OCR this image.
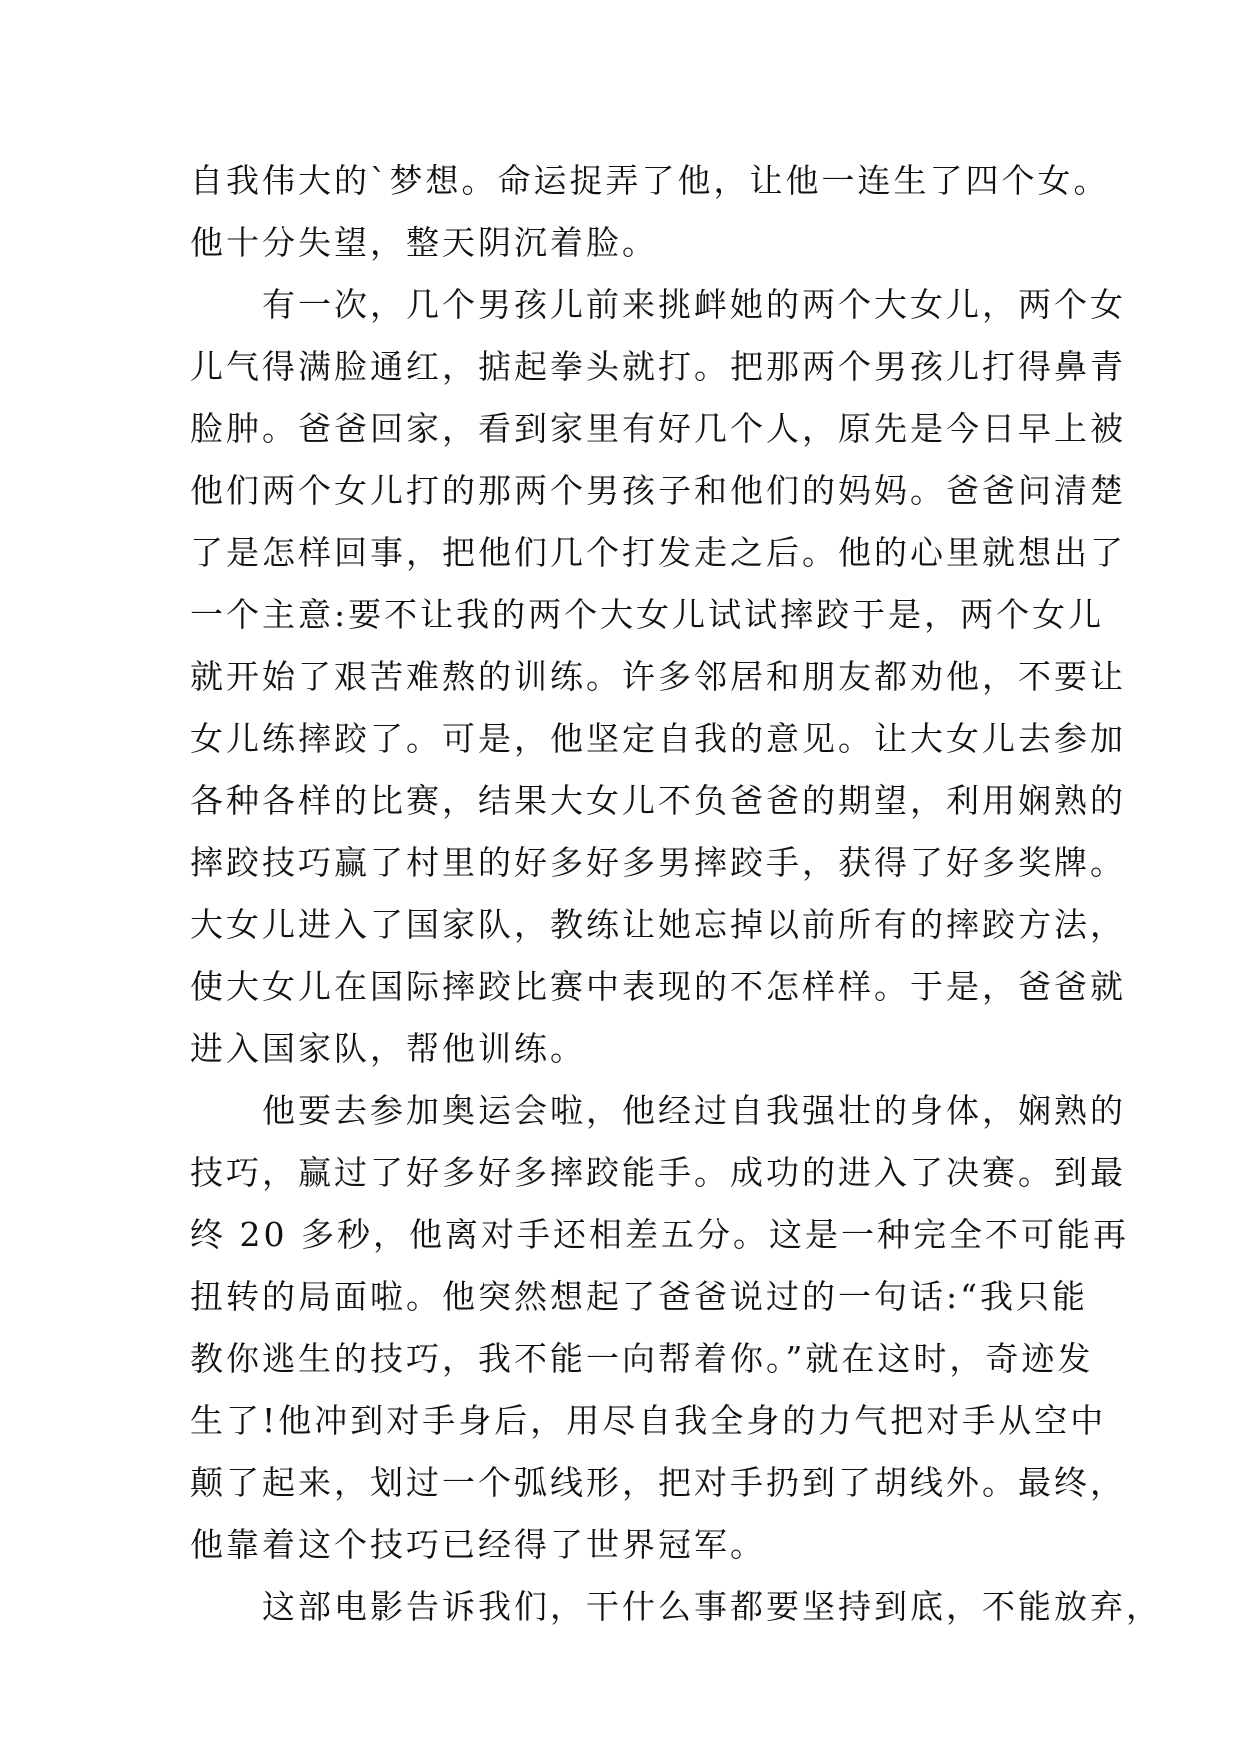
自我伟大的`梦想。命运捉弄了他，让他一连生了四个女。
他十分失望，整天阴沉着脸。

　　有一次，几个男孩儿前来挑衅她的两个大女儿，两个女
儿气得满脸通红，掂起拳头就打。把那两个男孩儿打得鼻青
脸肿。爸爸回家，看到家里有好几个人，原先是今日早上被
他们两个女儿打的那两个男孩子和他们的妈妈。爸爸问清楚
了是怎样回事，把他们几个打发走之后。他的心里就想出了
一个主意:要不让我的两个大女儿试试摔跤于是，两个女儿
就开始了艰苦难熬的训练。许多邻居和朋友都劝他，不要让
女儿练摔跤了。可是，他坚定自我的意见。让大女儿去参加
各种各样的比赛，结果大女儿不负爸爸的期望，利用娴熟的
摔跤技巧赢了村里的好多好多男摔跤手，获得了好多奖牌。
大女儿进入了国家队，教练让她忘掉以前所有的摔跤方法，
使大女儿在国际摔跤比赛中表现的不怎样样。于是，爸爸就
进入国家队，帮他训练。

　　他要去参加奥运会啦，他经过自我强壮的身体，娴熟的
技巧，赢过了好多好多摔跤能手。成功的进入了决赛。到最
终 20 多秒，他离对手还相差五分。这是一种完全不可能再
扭转的局面啦。他突然想起了爸爸说过的一句话:“我只能
教你逃生的技巧，我不能一向帮着你。”就在这时，奇迹发
生了!他冲到对手身后，用尽自我全身的力气把对手从空中
颠了起来，划过一个弧线形，把对手扔到了胡线外。最终，
他靠着这个技巧已经得了世界冠军。

　　这部电影告诉我们，干什么事都要坚持到底，不能放弃，
